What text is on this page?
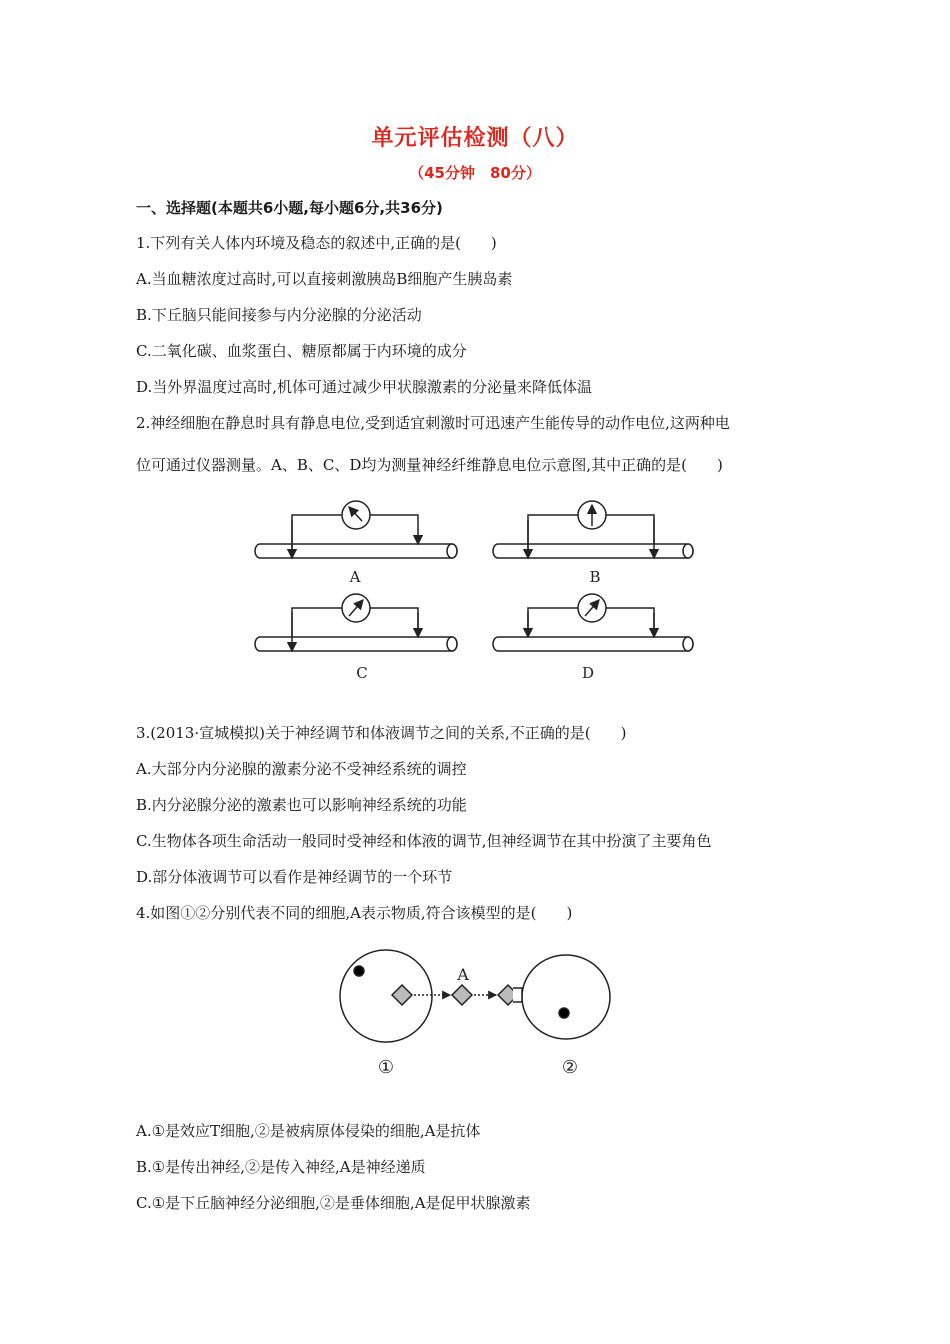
单元评估检测（八）
（45分钟　80分）
一、选择题(本题共6小题,每小题6分,共36分)
1.下列有关人体内环境及稳态的叙述中,正确的是(　　)
A.当血糖浓度过高时,可以直接刺激胰岛B细胞产生胰岛素
B.下丘脑只能间接参与内分泌腺的分泌活动
C.二氧化碳、血浆蛋白、糖原都属于内环境的成分
D.当外界温度过高时,机体可通过减少甲状腺激素的分泌量来降低体温
2.神经细胞在静息时具有静息电位,受到适宜刺激时可迅速产生能传导的动作电位,这两种电
位可通过仪器测量。A、B、C、D均为测量神经纤维静息电位示意图,其中正确的是(　　)
A	B
C	D
3.(2013·宣城模拟)关于神经调节和体液调节之间的关系,不正确的是(　　)
A.大部分内分泌腺的激素分泌不受神经系统的调控
B.内分泌腺分泌的激素也可以影响神经系统的功能
C.生物体各项生命活动一般同时受神经和体液的调节,但神经调节在其中扮演了主要角色
D.部分体液调节可以看作是神经调节的一个环节
4.如图①②分别代表不同的细胞,A表示物质,符合该模型的是(　　)
A
①	②
A.①是效应T细胞,②是被病原体侵染的细胞,A是抗体
B.①是传出神经,②是传入神经,A是神经递质
C.①是下丘脑神经分泌细胞,②是垂体细胞,A是促甲状腺激素
